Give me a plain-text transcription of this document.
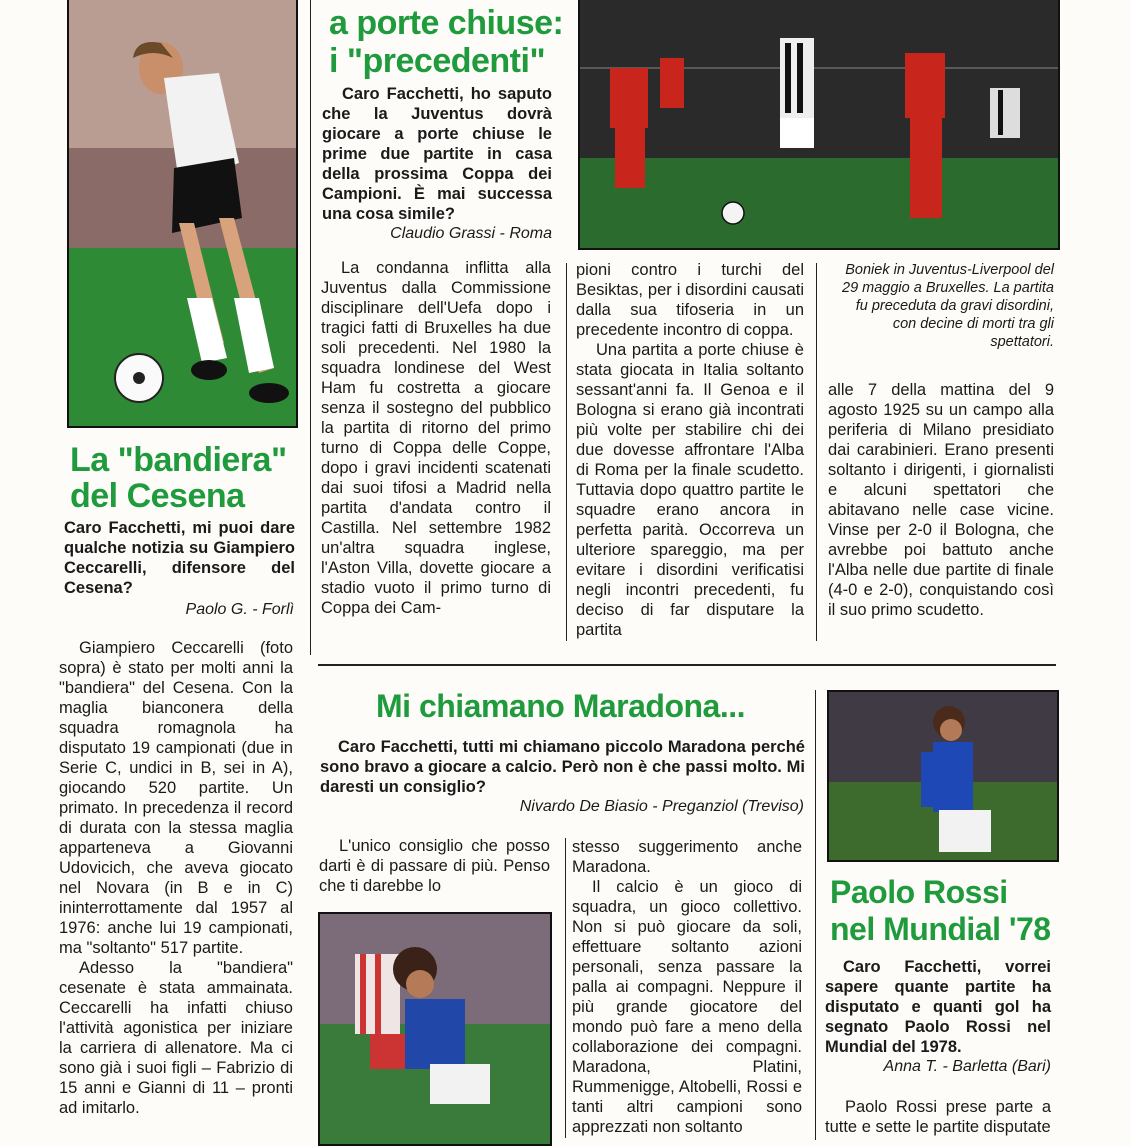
La "bandiera"
del Cesena
Caro Facchetti, mi puoi dare qualche notizia su Giampiero Ceccarelli, difensore del Cesena?
Paolo G. - Forlì

Giampiero Ceccarelli (foto sopra) è stato per molti anni la "bandiera" del Cesena. Con la maglia bianconera della squadra romagnola ha disputato 19 campionati (due in Serie C, undici in B, sei in A), giocando 520 partite. Un primato. In precedenza il record di durata con la stessa maglia apparteneva a Giovanni Udovicich, che aveva giocato nel Novara (in B e in C) ininterrottamente dal 1957 al 1976: anche lui 19 campionati, ma "soltanto" 517 partite.

Adesso la "bandiera" cesenate è stata ammainata. Ceccarelli ha infatti chiuso l'attività agonistica per iniziare la carriera di allenatore. Ma ci sono già i suoi figli – Fabrizio di 15 anni e Gianni di 11 – pronti ad imitarlo.

a porte chiuse:
i "precedenti"
Caro Facchetti, ho saputo che la Juventus dovrà giocare a porte chiuse le prime due partite in casa della prossima Coppa dei Campioni. È mai successa una cosa simile?
Claudio Grassi - Roma

La condanna inflitta alla Juventus dalla Commissione disciplinare dell'Uefa dopo i tragici fatti di Bruxelles ha due soli precedenti. Nel 1980 la squadra londinese del West Ham fu costretta a giocare senza il sostegno del pubblico la partita di ritorno del primo turno di Coppa delle Coppe, dopo i gravi incidenti scatenati dai suoi tifosi a Madrid nella partita d'andata contro il Castilla. Nel settembre 1982 un'altra squadra inglese, l'Aston Villa, dovette giocare a stadio vuoto il primo turno di Coppa dei Cam-

pioni contro i turchi del Besiktas, per i disordini causati dalla sua tifoseria in un precedente incontro di coppa.

Una partita a porte chiuse è stata giocata in Italia soltanto sessant'anni fa. Il Genoa e il Bologna si erano già incontrati più volte per stabilire chi dei due dovesse affrontare l'Alba di Roma per la finale scudetto. Tuttavia dopo quattro partite le squadre erano ancora in perfetta parità. Occorreva un ulteriore spareggio, ma per evitare i disordini verificatisi negli incontri precedenti, fu deciso di far disputare la partita

Boniek in Juventus-Liverpool del 29 maggio a Bruxelles. La partita fu preceduta da gravi disordini, con decine di morti tra gli spettatori.

alle 7 della mattina del 9 agosto 1925 su un campo alla periferia di Milano presidiato dai carabinieri. Erano presenti soltanto i dirigenti, i giornalisti e alcuni spettatori che abitavano nelle case vicine. Vinse per 2-0 il Bologna, che avrebbe poi battuto anche l'Alba nelle due partite di finale (4-0 e 2-0), conquistando così il suo primo scudetto.

Mi chiamano Maradona...
Caro Facchetti, tutti mi chiamano piccolo Maradona perché sono bravo a giocare a calcio. Però non è che passi molto. Mi daresti un consiglio?
Nivardo De Biasio - Preganziol (Treviso)

L'unico consiglio che posso darti è di passare di più. Penso che ti darebbe lo

stesso suggerimento anche Maradona.

Il calcio è un gioco di squadra, un gioco collettivo. Non si può giocare da soli, effettuare soltanto azioni personali, senza passare la palla ai compagni. Neppure il più grande giocatore del mondo può fare a meno della collaborazione dei compagni. Maradona, Platini, Rummenigge, Altobelli, Rossi e tanti altri campioni sono apprezzati non soltanto

Paolo Rossi
nel Mundial '78
Caro Facchetti, vorrei sapere quante partite ha disputato e quanti gol ha segnato Paolo Rossi nel Mundial del 1978.
Anna T. - Barletta (Bari)

Paolo Rossi prese parte a tutte e sette le partite disputate
